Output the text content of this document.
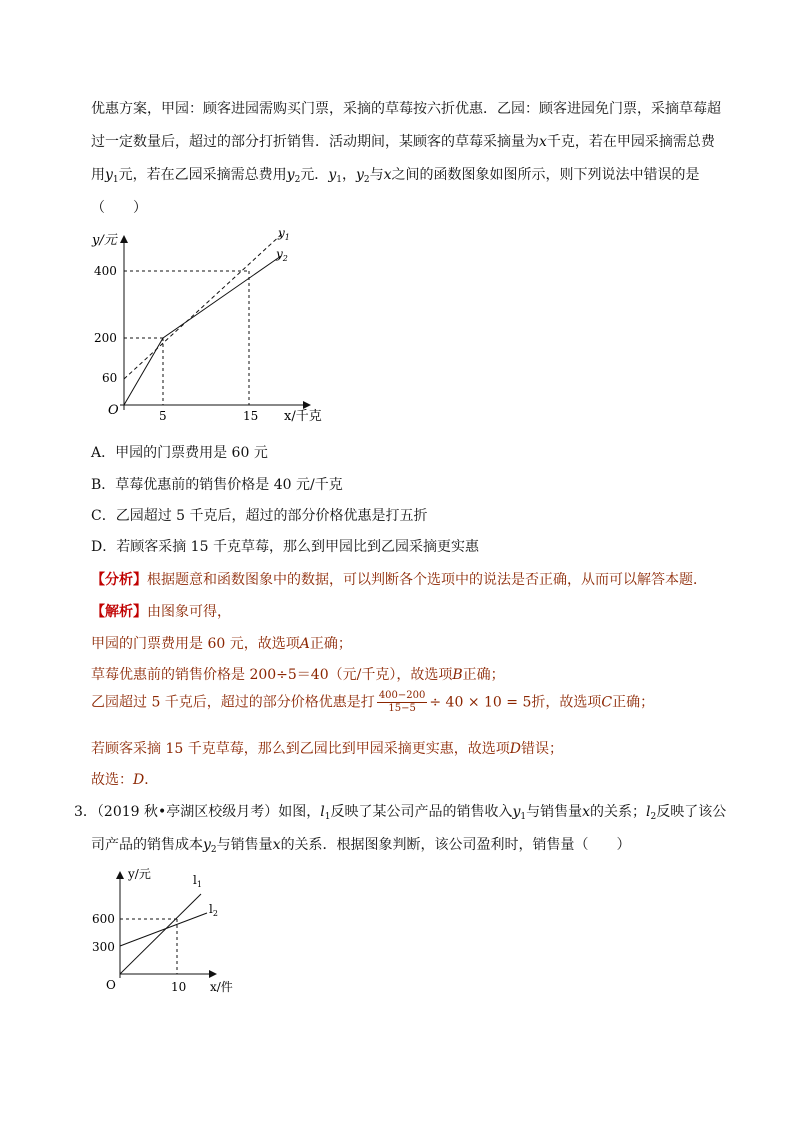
优惠方案，甲园：顾客进园需购买门票，采摘的草莓按六折优惠．乙园：顾客进园免门票，采摘草莓超
过一定数量后，超过的部分打折销售．活动期间，某顾客的草莓采摘量为x千克，若在甲园采摘需总费
用$y_1$元，若在乙园采摘需总费用$y_2$元．$y_1$，$y_2$与x之间的函数图象如图所示，则下列说法中错误的是
（　　）
y/元
x/千克
O
400
200
60
5	15
$y_1$
$y_2$
A．甲园的门票费用是 60 元
B．草莓优惠前的销售价格是 40 元/千克
C．乙园超过 5 千克后，超过的部分价格优惠是打五折
D．若顾客采摘 15 千克草莓，那么到甲园比到乙园采摘更实惠
【分析】根据题意和函数图象中的数据，可以判断各个选项中的说法是否正确，从而可以解答本题．
【解析】由图象可得，
甲园的门票费用是 60 元，故选项A正确；
草莓优惠前的销售价格是 200÷5＝40（元/千克），故选项B正确；
乙园超过 5 千克后，超过的部分价格优惠是打 $\frac{400-200}{15-5} \div 40 \times 10 = 5$折，故选项C正确；
若顾客采摘 15 千克草莓，那么到乙园比到甲园采摘更实惠，故选项D错误；
故选：D．
3．（2019 秋•亭湖区校级月考）如图，$l_1$反映了某公司产品的销售收入$y_1$与销售量x的关系；$l_2$反映了该公
司产品的销售成本$y_2$与销售量x的关系．根据图象判断，该公司盈利时，销售量（　　）
y/元
x/件
O
600
300
10
$l_1$
$l_2$
